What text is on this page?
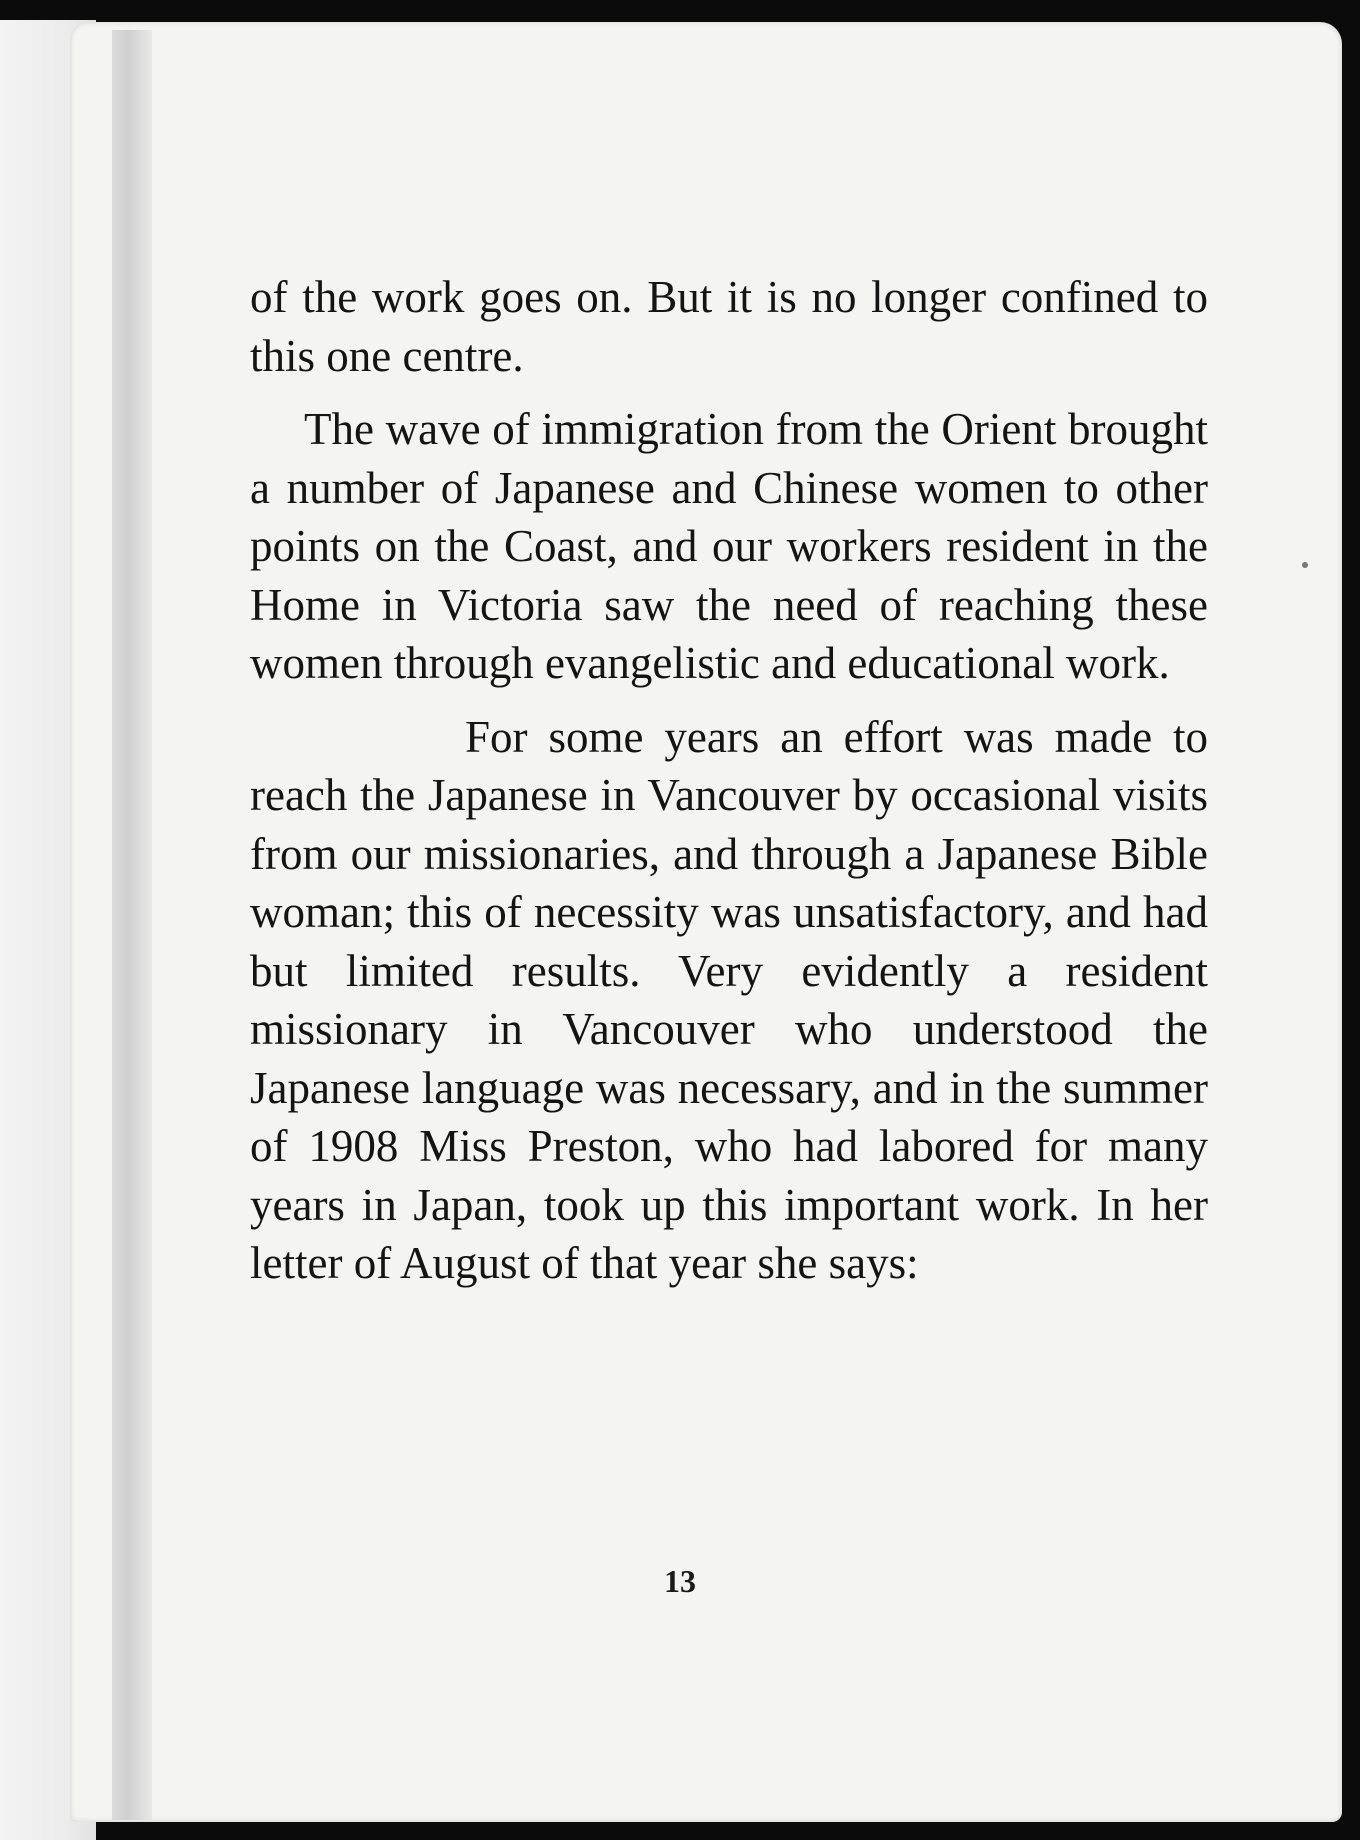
of the work goes on. But it is no longer confined to this one centre.

The wave of immigration from the Orient brought a number of Japanese and Chinese women to other points on the Coast, and our workers resident in the Home in Victoria saw the need of reaching these women through evangelistic and educational work.

For some years an effort was made to reach the Japanese in Vancouver by occasional visits from our missionaries, and through a Japanese Bible woman; this of necessity was unsatisfactory, and had but limited results. Very evidently a resident missionary in Vancouver who understood the Japanese language was necessary, and in the summer of 1908 Miss Preston, who had labored for many years in Japan, took up this important work. In her letter of August of that year she says:

13
